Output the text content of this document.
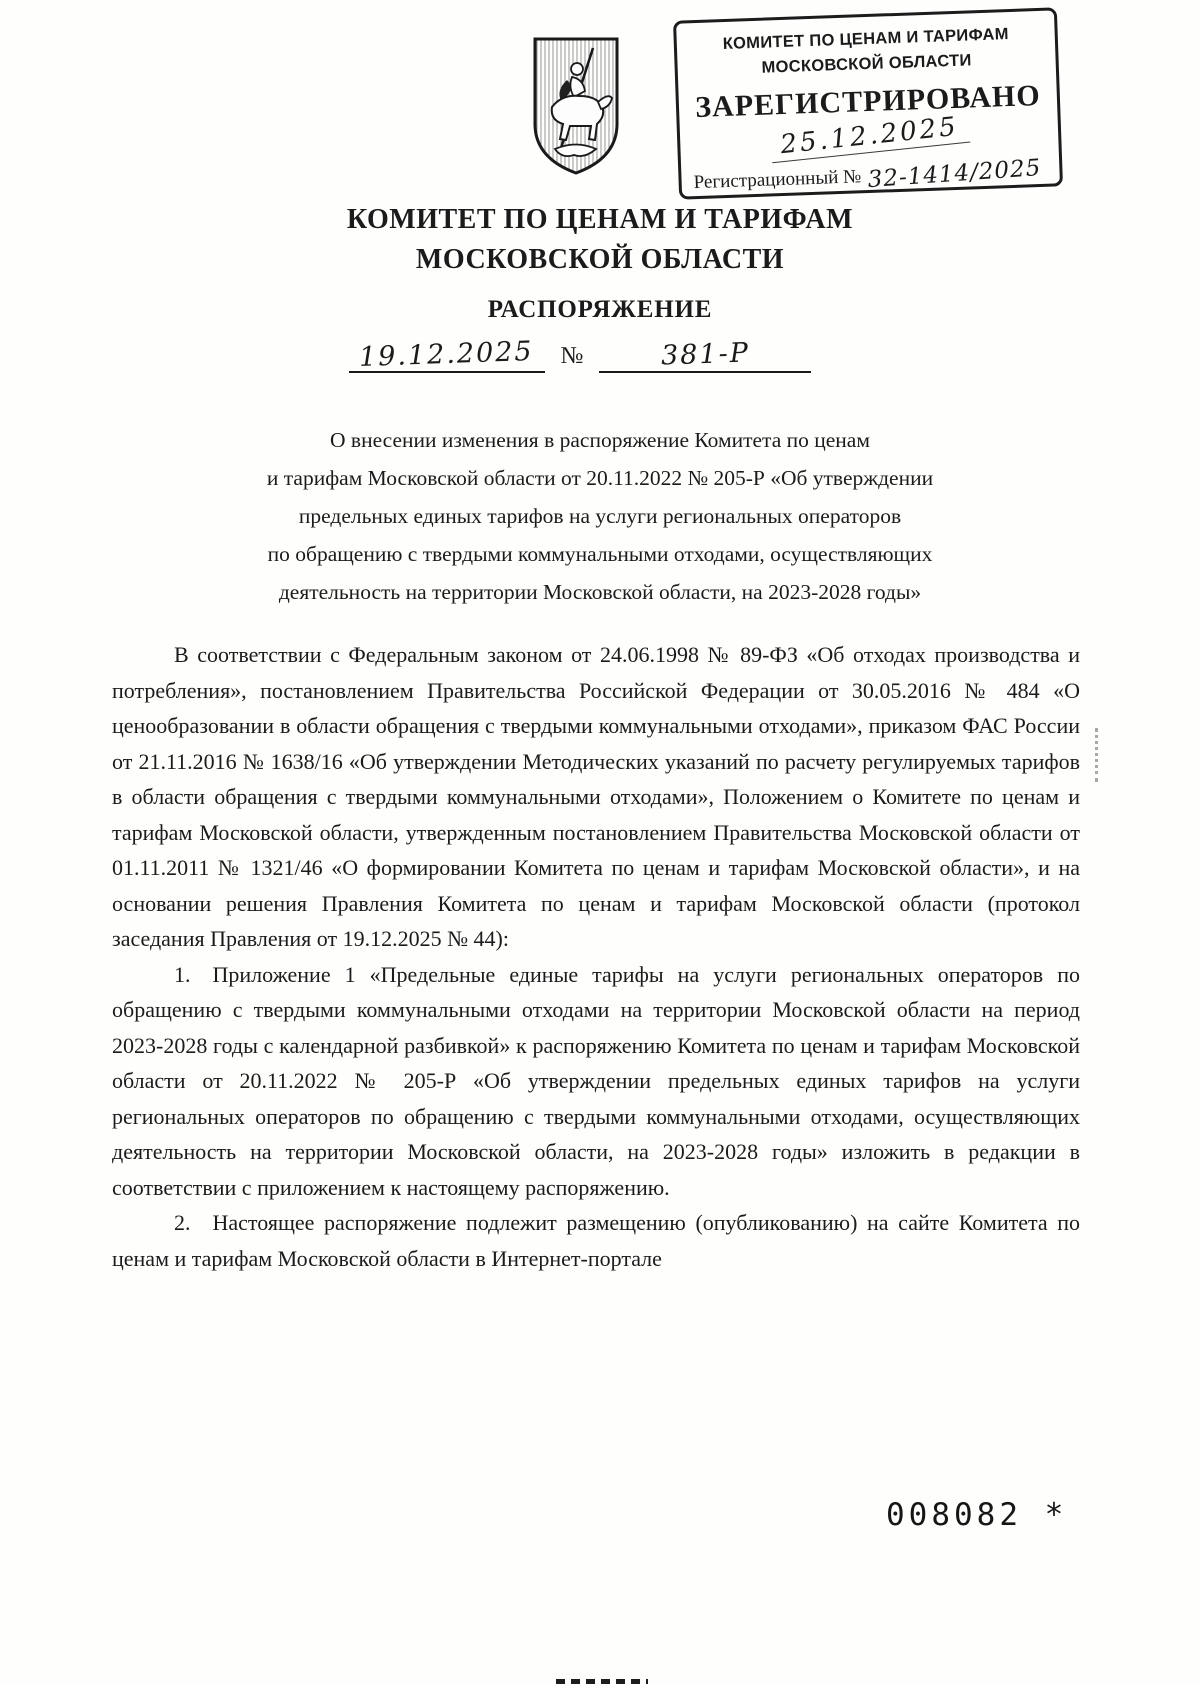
КОМИТЕТ ПО ЦЕНАМ И ТАРИФАМ
МОСКОВСКОЙ ОБЛАСТИ
ЗАРЕГИСТРИРОВАНО
25.12.2025
Регистрационный № 32-1414/2025
КОМИТЕТ ПО ЦЕНАМ И ТАРИФАМ
МОСКОВСКОЙ ОБЛАСТИ
РАСПОРЯЖЕНИЕ
19.12.2025	№	381-Р
О внесении изменения в распоряжение Комитета по ценам
и тарифам Московской области от 20.11.2022 № 205-Р «Об утверждении
предельных единых тарифов на услуги региональных операторов
по обращению с твердыми коммунальными отходами, осуществляющих
деятельность на территории Московской области, на 2023-2028 годы»

В соответствии с Федеральным законом от 24.06.1998 № 89-ФЗ «Об отходах производства и потребления», постановлением Правительства Российской Федерации от 30.05.2016 № 484 «О ценообразовании в области обращения с твердыми коммунальными отходами», приказом ФАС России от 21.11.2016 № 1638/16 «Об утверждении Методических указаний по расчету регулируемых тарифов в области обращения с твердыми коммунальными отходами», Положением о Комитете по ценам и тарифам Московской области, утвержденным постановлением Правительства Московской области от 01.11.2011 № 1321/46 «О формировании Комитета по ценам и тарифам Московской области», и на основании решения Правления Комитета по ценам и тарифам Московской области (протокол заседания Правления от 19.12.2025 № 44):

1. Приложение 1 «Предельные единые тарифы на услуги региональных операторов по обращению с твердыми коммунальными отходами на территории Московской области на период 2023-2028 годы с календарной разбивкой» к распоряжению Комитета по ценам и тарифам Московской области от 20.11.2022 № 205-Р «Об утверждении предельных единых тарифов на услуги региональных операторов по обращению с твердыми коммунальными отходами, осуществляющих деятельность на территории Московской области, на 2023-2028 годы» изложить в редакции в соответствии с приложением к настоящему распоряжению.

2. Настоящее распоряжение подлежит размещению (опубликованию) на сайте Комитета по ценам и тарифам Московской области в Интернет-портале

008082 *
